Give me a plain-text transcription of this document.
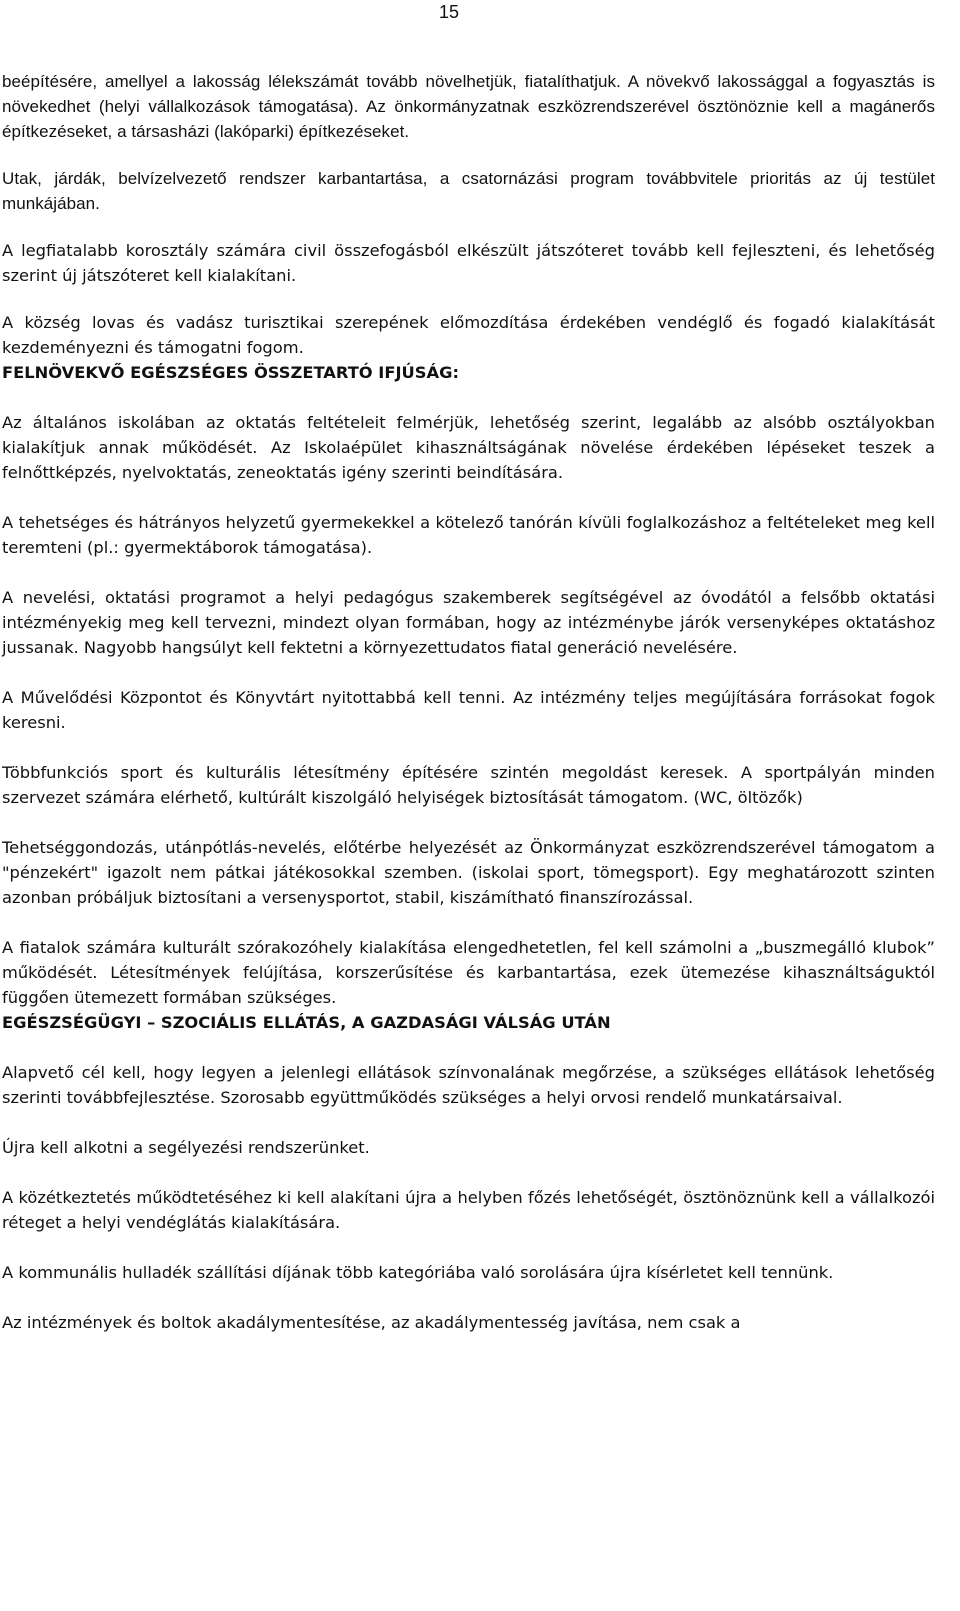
15

beépítésére, amellyel a lakosság lélekszámát tovább növelhetjük, fiatalíthatjuk. A növekvő lakossággal a fogyasztás is növekedhet (helyi vállalkozások támogatása). Az önkormányzatnak eszközrendszerével ösztönöznie kell a magánerős építkezéseket, a társasházi (lakóparki) építkezéseket.

Utak, járdák, belvízelvezető rendszer karbantartása, a csatornázási program továbbvitele prioritás az új testület munkájában.

A legfiatalabb korosztály számára civil összefogásból elkészült játszóteret tovább kell fejleszteni, és lehetőség szerint új játszóteret kell kialakítani.

A község lovas és vadász turisztikai szerepének előmozdítása érdekében vendéglő és fogadó kialakítását kezdeményezni és támogatni fogom.

FELNÖVEKVŐ EGÉSZSÉGES ÖSSZETARTÓ IFJÚSÁG:

Az általános iskolában az oktatás feltételeit felmérjük, lehetőség szerint, legalább az alsóbb osztályokban kialakítjuk annak működését. Az Iskolaépület kihasználtságának növelése érdekében lépéseket teszek a felnőttképzés, nyelvoktatás, zeneoktatás igény szerinti beindítására.

A tehetséges és hátrányos helyzetű gyermekekkel a kötelező tanórán kívüli foglalkozáshoz a feltételeket meg kell teremteni (pl.: gyermektáborok támogatása).

A nevelési, oktatási programot a helyi pedagógus szakemberek segítségével az óvodától a felsőbb oktatási intézményekig meg kell tervezni, mindezt olyan formában, hogy az intézménybe járók versenyképes oktatáshoz jussanak. Nagyobb hangsúlyt kell fektetni a környezettudatos fiatal generáció nevelésére.

A Művelődési Központot és Könyvtárt nyitottabbá kell tenni. Az intézmény teljes megújítására forrásokat fogok keresni.

Többfunkciós sport és kulturális létesítmény építésére szintén megoldást keresek. A sportpályán minden szervezet számára elérhető, kultúrált kiszolgáló helyiségek biztosítását támogatom. (WC, öltözők)

Tehetséggondozás, utánpótlás-nevelés, előtérbe helyezését az Önkormányzat eszközrendszerével támogatom a "pénzekért" igazolt nem pátkai játékosokkal szemben. (iskolai sport, tömegsport). Egy meghatározott szinten azonban próbáljuk biztosítani a versenysportot, stabil, kiszámítható finanszírozással.

A fiatalok számára kulturált szórakozóhely kialakítása elengedhetetlen, fel kell számolni a „buszmegálló klubok” működését. Létesítmények felújítása, korszerűsítése és karbantartása, ezek ütemezése kihasználtságuktól függően ütemezett formában szükséges.

EGÉSZSÉGÜGYI – SZOCIÁLIS ELLÁTÁS, A GAZDASÁGI VÁLSÁG UTÁN

Alapvető cél kell, hogy legyen a jelenlegi ellátások színvonalának megőrzése, a szükséges ellátások lehetőség szerinti továbbfejlesztése. Szorosabb együttműködés szükséges a helyi orvosi rendelő munkatársaival.

Újra kell alkotni a segélyezési rendszerünket.

A közétkeztetés működtetéséhez ki kell alakítani újra a helyben főzés lehetőségét, ösztönöznünk kell a vállalkozói réteget a helyi vendéglátás kialakítására.

A kommunális hulladék szállítási díjának több kategóriába való sorolására újra kísérletet kell tennünk.

Az intézmények és boltok akadálymentesítése, az akadálymentesség javítása, nem csak a
